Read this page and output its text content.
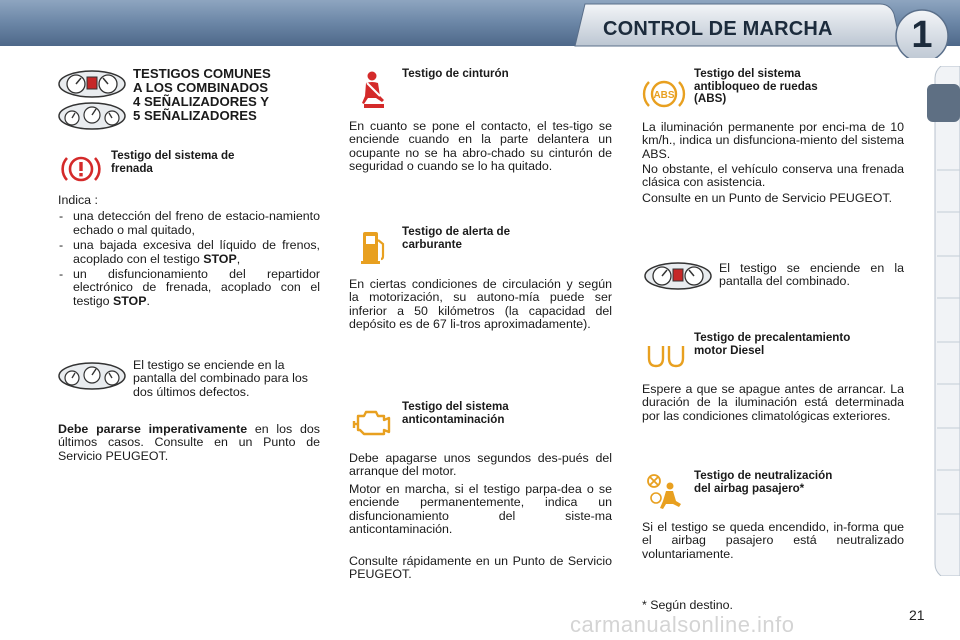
CONTROL DE MARCHA	1
TESTIGOS COMUNES
A LOS COMBINADOS
4 SEÑALIZADORES Y
5 SEÑALIZADORES
Testigo del sistema de
frenada
Indica :
- una detección del freno de estacio-namiento echado o mal quitado,
- una bajada excesiva del líquido de frenos, acoplado con el testigo STOP,
- un disfuncionamiento del repartidor electrónico de frenada, acoplado con el testigo STOP.
El testigo se enciende en la pantalla del combinado para los dos últimos defectos.
Debe pararse imperativamente en los dos últimos casos. Consulte en un Punto de Servicio PEUGEOT.
Testigo de cinturón
En cuanto se pone el contacto, el tes-tigo se enciende cuando en la parte delantera un ocupante no se ha abro-chado su cinturón de seguridad o cuando se lo ha quitado.
Testigo de alerta de
carburante
En ciertas condiciones de circulación y según la motorización, su autono-mía puede ser inferior a 50 kilómetros (la capacidad del depósito es de 67 li-tros aproximadamente).
Testigo del sistema
anticontaminación
Debe apagarse unos segundos des-pués del arranque del motor.
Motor en marcha, si el testigo parpa-dea o se enciende permanentemente, indica un disfuncionamiento del siste-ma anticontaminación.
Consulte rápidamente en un Punto de Servicio PEUGEOT.
ABS
Testigo del sistema
antibloqueo de ruedas
(ABS)
La iluminación permanente por enci-ma de 10 km/h., indica un disfunciona-miento del sistema ABS.
No obstante, el vehículo conserva una frenada clásica con asistencia.
Consulte en un Punto de Servicio PEUGEOT.
El testigo se enciende en la pantalla del combinado.
Testigo de precalentamiento
motor Diesel
Espere a que se apague antes de arrancar. La duración de la iluminación está determinada por las condiciones climatológicas exteriores.
Testigo de neutralización
del airbag pasajero*
Si el testigo se queda encendido, in-forma que el airbag pasajero está neutralizado voluntariamente.
* Según destino.
carmanualsonline.info	21
